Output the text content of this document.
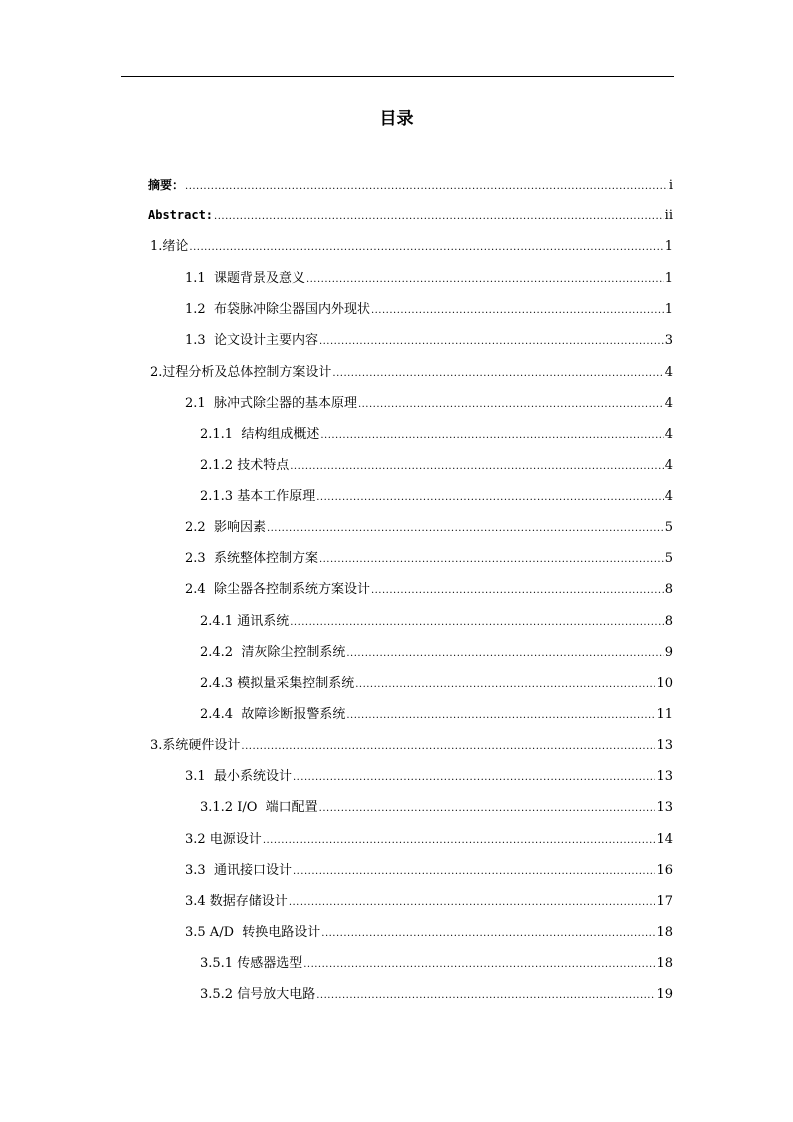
目录
摘要： .....	i
Abstract: .....	ii
1.绪论 .....	1
1.1  课题背景及意义 .....	1
1.2  布袋脉冲除尘器国内外现状 .....	1
1.3  论文设计主要内容 .....	3
2.过程分析及总体控制方案设计 .....	4
2.1  脉冲式除尘器的基本原理 .....	4
2.1.1  结构组成概述 .....	4
2.1.2 技术特点 .....	4
2.1.3 基本工作原理 .....	4
2.2  影响因素 .....	5
2.3  系统整体控制方案 .....	5
2.4  除尘器各控制系统方案设计 .....	8
2.4.1 通讯系统 .....	8
2.4.2  清灰除尘控制系统 .....	9
2.4.3 模拟量采集控制系统 .....	10
2.4.4  故障诊断报警系统 .....	11
3.系统硬件设计 .....	13
3.1  最小系统设计 .....	13
3.1.2 I/O  端口配置 .....	13
3.2 电源设计 .....	14
3.3  通讯接口设计 .....	16
3.4 数据存储设计 .....	17
3.5 A/D  转换电路设计 .....	18
3.5.1 传感器选型 .....	18
3.5.2 信号放大电路 .....	19
